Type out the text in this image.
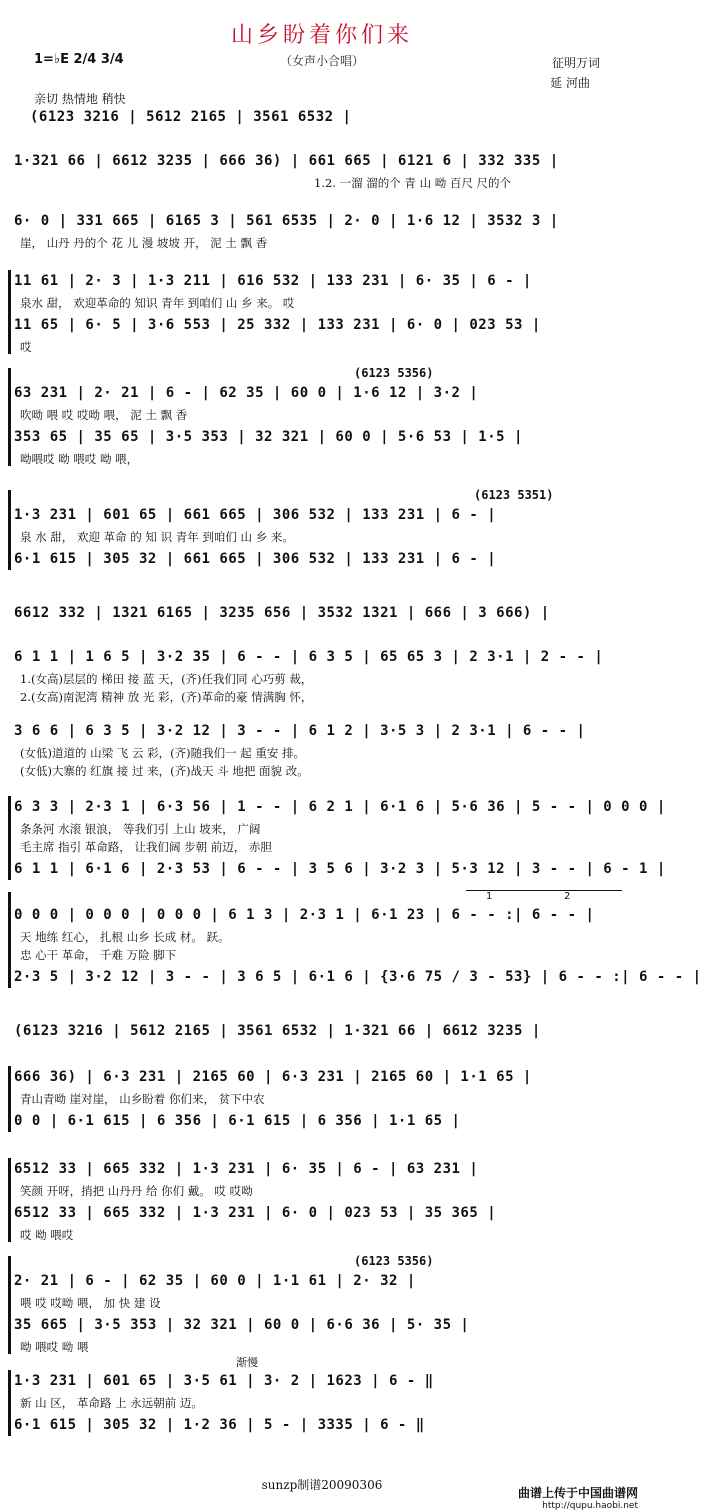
山乡盼着你们来
1=♭E 2/4 3/4	（女声小合唱）	征明万词
延 河曲
亲切 热情地 稍快
(6123 3216 | 5612 2165 | 3561 6532 |
1·321 66 | 6612 3235 | 666 36) | 661 665 | 6121 6 | 332 335 |
1.2. 一溜 溜的个 青 山 呦 百尺 尺的个
6· 0 | 331 665 | 6165 3 | 561 6535 | 2· 0 | 1·6 12 | 3532 3 |
崖， 山丹 丹的个 花 儿 漫 坡坡 开， 泥 土 飘 香
11 61 | 2· 3 | 1·3 211 | 616 532 | 133 231 | 6· 35 | 6 - |
泉水 甜， 欢迎革命的 知识 青年 到咱们 山 乡 来。 哎
11 65 | 6· 5 | 3·6 553 | 25 332 | 133 231 | 6· 0 | 023 53 |
哎
(6123 5356)
63 231 | 2· 21 | 6 - | 62 35 | 60 0 | 1·6 12 | 3·2 |
吹呦 喂 哎 哎呦 喂， 泥 土 飘 香
353 65 | 35 65 | 3·5 353 | 32 321 | 60 0 | 5·6 53 | 1·5 |
呦喂哎 呦 喂哎 呦 喂，
(6123 5351)
1·3 231 | 601 65 | 661 665 | 306 532 | 133 231 | 6 - |
泉 水 甜， 欢迎 革命 的 知 识 青年 到咱们 山 乡 来。
6·1 615 | 305 32 | 661 665 | 306 532 | 133 231 | 6 - |
6612 332 | 1321 6165 | 3235 656 | 3532 1321 | 666 | 3 666) |
6 1 1 | 1 6 5 | 3·2 35 | 6 - - | 6 3 5 | 65 65 3 | 2 3·1 | 2 - - |
1.(女高)层层的 梯田 接 蓝 天，(齐)任我们同 心巧剪 裁，
2.(女高)南泥湾 精神 放 光 彩，(齐)革命的豪 情满胸 怀，
3 6 6 | 6 3 5 | 3·2 12 | 3 - - | 6 1 2 | 3·5 3 | 2 3·1 | 6 - - |
(女低)道道的 山梁 飞 云 彩，(齐)随我们一 起 重安 排。
(女低)大寨的 红旗 接 过 来，(齐)战天 斗 地把 面貌 改。
6 3 3 | 2·3 1 | 6·3 56 | 1 - - | 6 2 1 | 6·1 6 | 5·6 36 | 5 - - | 0 0 0 |
条条河 水滚 银浪， 等我们引 上山 坡来， 广阔
毛主席 指引 革命路， 让我们阔 步朝 前迈， 赤胆
6 1 1 | 6·1 6 | 2·3 53 | 6 - - | 3 5 6 | 3·2 3 | 5·3 12 | 3 - - | 6 - 1 |
1	2
0 0 0 | 0 0 0 | 0 0 0 | 6 1 3 | 2·3 1 | 6·1 23 | 6 - - :| 6 - - |
天 地练 红心， 扎根 山乡 长成 材。 跃。
忠 心干 革命， 千难 万险 脚下
2·3 5 | 3·2 12 | 3 - - | 3 6 5 | 6·1 6 | {3·6 75 / 3 - 53} | 6 - - :| 6 - - |
(6123 3216 | 5612 2165 | 3561 6532 | 1·321 66 | 6612 3235 |
666 36) | 6·3 231 | 2165 60 | 6·3 231 | 2165 60 | 1·1 65 |
青山青呦 崖对崖， 山乡盼着 你们来， 贫下中农
0 0 | 6·1 615 | 6 356 | 6·1 615 | 6 356 | 1·1 65 |
6512 33 | 665 332 | 1·3 231 | 6· 35 | 6 - | 63 231 |
笑颜 开呀，捎把 山丹丹 给 你们 戴。 哎 哎呦
6512 33 | 665 332 | 1·3 231 | 6· 0 | 023 53 | 35 365 |
哎 呦 喂哎
(6123 5356)
2· 21 | 6 - | 62 35 | 60 0 | 1·1 61 | 2· 32 |
喂 哎 哎呦 喂， 加 快 建 设
35 665 | 3·5 353 | 32 321 | 60 0 | 6·6 36 | 5· 35 |
呦 喂哎 呦 喂
渐慢
1·3 231 | 601 65 | 3·5 61 | 3· 2 | 1623 | 6 - ‖
新 山 区， 革命路 上 永远朝前 迈。
6·1 615 | 305 32 | 1·2 36 | 5 - | 3335 | 6 - ‖
sunzp制谱20090306
曲谱上传于中国曲谱网
http://qupu.haobi.net
